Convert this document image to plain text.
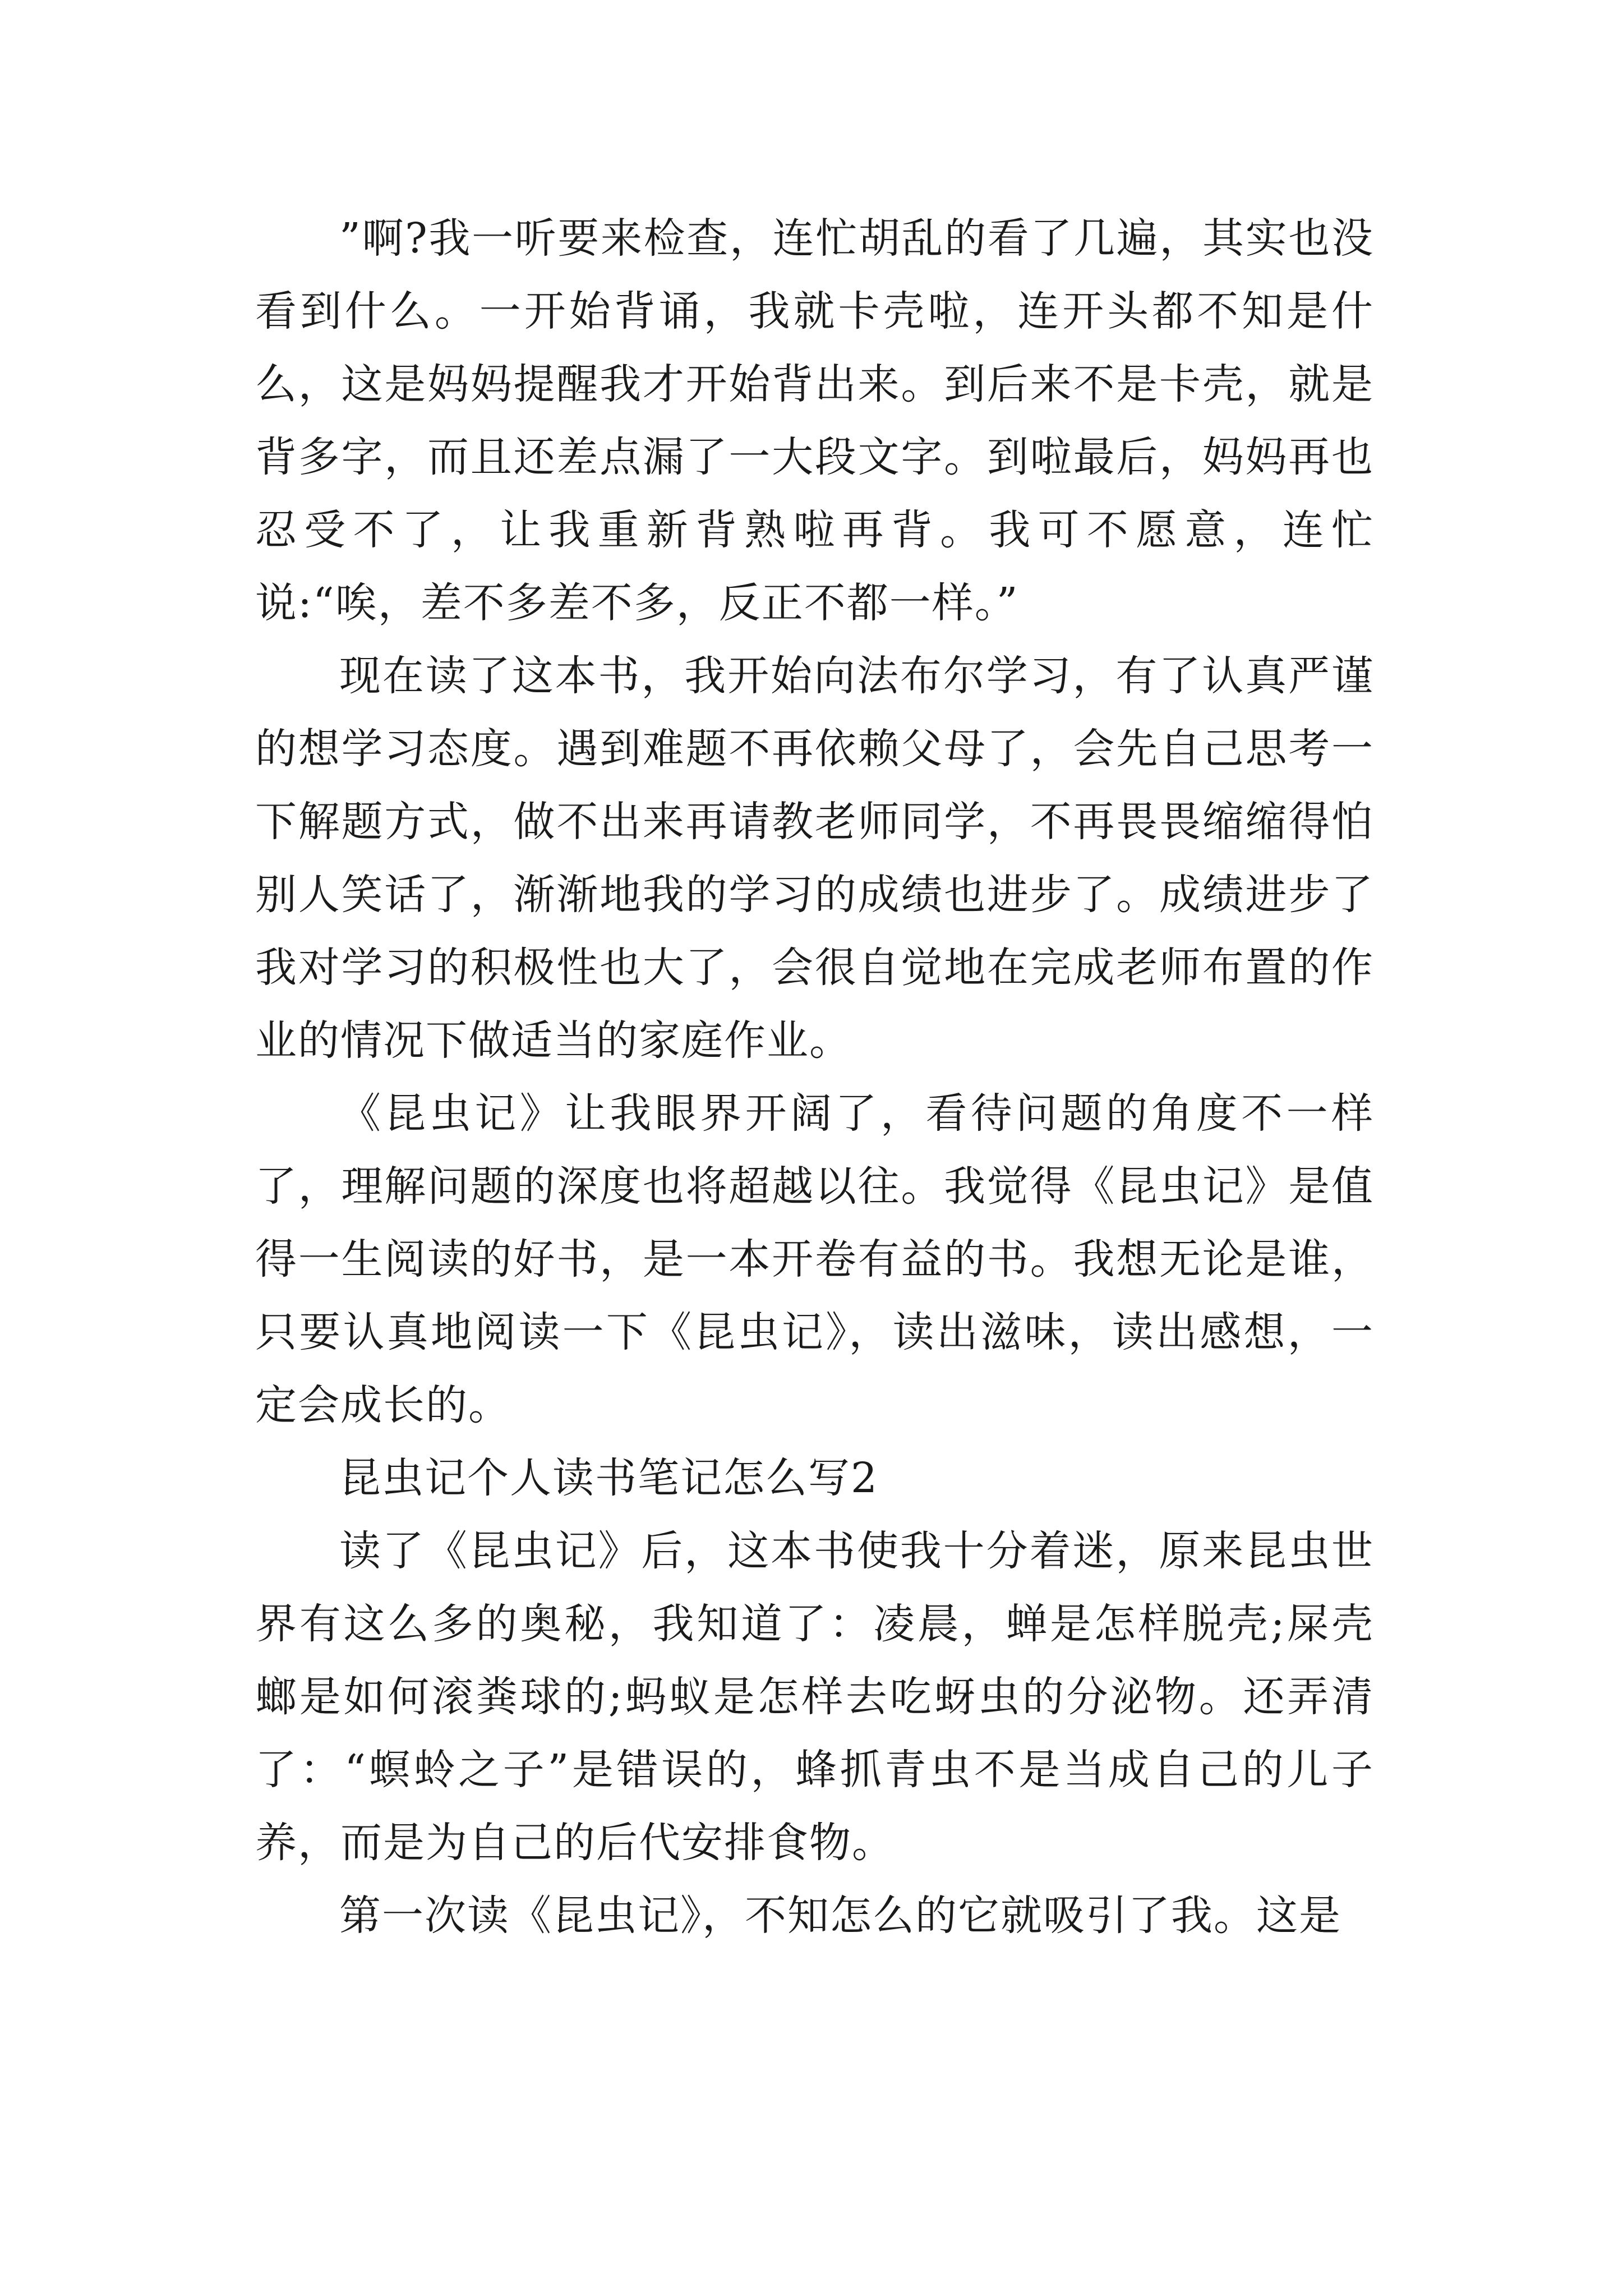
”啊?我一听要来检查，连忙胡乱的看了几遍，其实也没看到什么。一开始背诵，我就卡壳啦，连开头都不知是什么，这是妈妈提醒我才开始背出来。到后来不是卡壳，就是背多字，而且还差点漏了一大段文字。到啦最后，妈妈再也忍受不了，让我重新背熟啦再背。我可不愿意，连忙说:“唉，差不多差不多，反正不都一样。”

现在读了这本书，我开始向法布尔学习，有了认真严谨的想学习态度。遇到难题不再依赖父母了，会先自己思考一下解题方式，做不出来再请教老师同学，不再畏畏缩缩得怕别人笑话了，渐渐地我的学习的成绩也进步了。成绩进步了我对学习的积极性也大了，会很自觉地在完成老师布置的作业的情况下做适当的家庭作业。

《昆虫记》让我眼界开阔了，看待问题的角度不一样了，理解问题的深度也将超越以往。我觉得《昆虫记》是值得一生阅读的好书，是一本开卷有益的书。我想无论是谁，只要认真地阅读一下《昆虫记》，读出滋味，读出感想，一定会成长的。

昆虫记个人读书笔记怎么写2

读了《昆虫记》后，这本书使我十分着迷，原来昆虫世界有这么多的奥秘，我知道了：凌晨，蝉是怎样脱壳;屎壳螂是如何滚粪球的;蚂蚁是怎样去吃蚜虫的分泌物。还弄清了：“螟蛉之子”是错误的，蜂抓青虫不是当成自己的儿子养，而是为自己的后代安排食物。

第一次读《昆虫记》，不知怎么的它就吸引了我。这是
